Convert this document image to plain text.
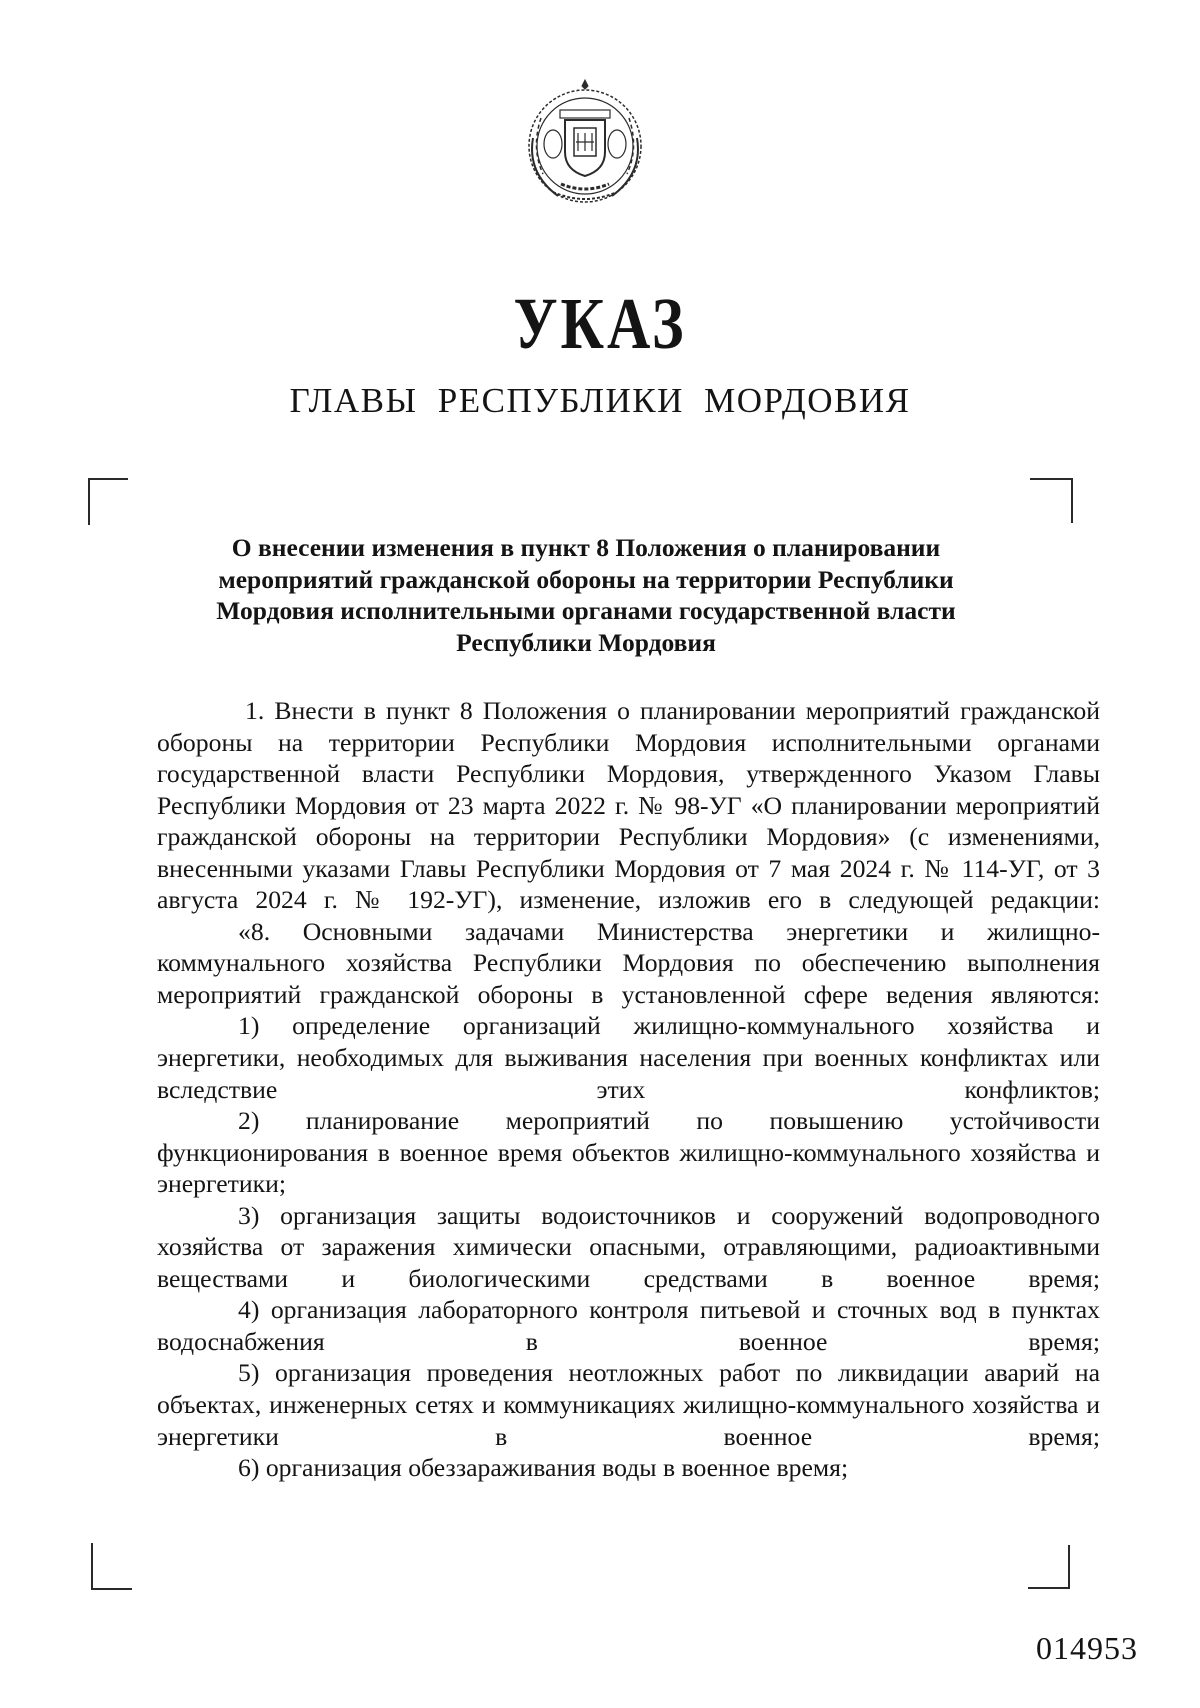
УКАЗ
ГЛАВЫ РЕСПУБЛИКИ МОРДОВИЯ
О внесении изменения в пункт 8 Положения о планировании
мероприятий гражданской обороны на территории Республики
Мордовия исполнительными органами государственной власти
Республики Мордовия

1. Внести в пункт 8 Положения о планировании мероприятий гражданской обороны на территории Республики Мордовия исполнительными органами государственной власти Республики Мордовия, утвержденного Указом Главы Республики Мордовия от 23 марта 2022 г. № 98-УГ «О планировании мероприятий гражданской обороны на территории Республики Мордовия» (с изменениями, внесенными указами Главы Республики Мордовия от 7 мая 2024 г. № 114-УГ, от 3 августа 2024 г. № 192-УГ), изменение, изложив его в следующей редакции:

«8. Основными задачами Министерства энергетики и жилищно-коммунального хозяйства Республики Мордовия по обеспечению выполнения мероприятий гражданской обороны в установленной сфере ведения являются:

1) определение организаций жилищно-коммунального хозяйства и энергетики, необходимых для выживания населения при военных конфликтах или вследствие этих конфликтов;

2) планирование мероприятий по повышению устойчивости функционирования в военное время объектов жилищно-коммунального хозяйства и энергетики;

3) организация защиты водоисточников и сооружений водопроводного хозяйства от заражения химически опасными, отравляющими, радиоактивными веществами и биологическими средствами в военное время;

4) организация лабораторного контроля питьевой и сточных вод в пунктах водоснабжения в военное время;

5) организация проведения неотложных работ по ликвидации аварий на объектах, инженерных сетях и коммуникациях жилищно-коммунального хозяйства и энергетики в военное время;

6) организация обеззараживания воды в военное время;

014953
